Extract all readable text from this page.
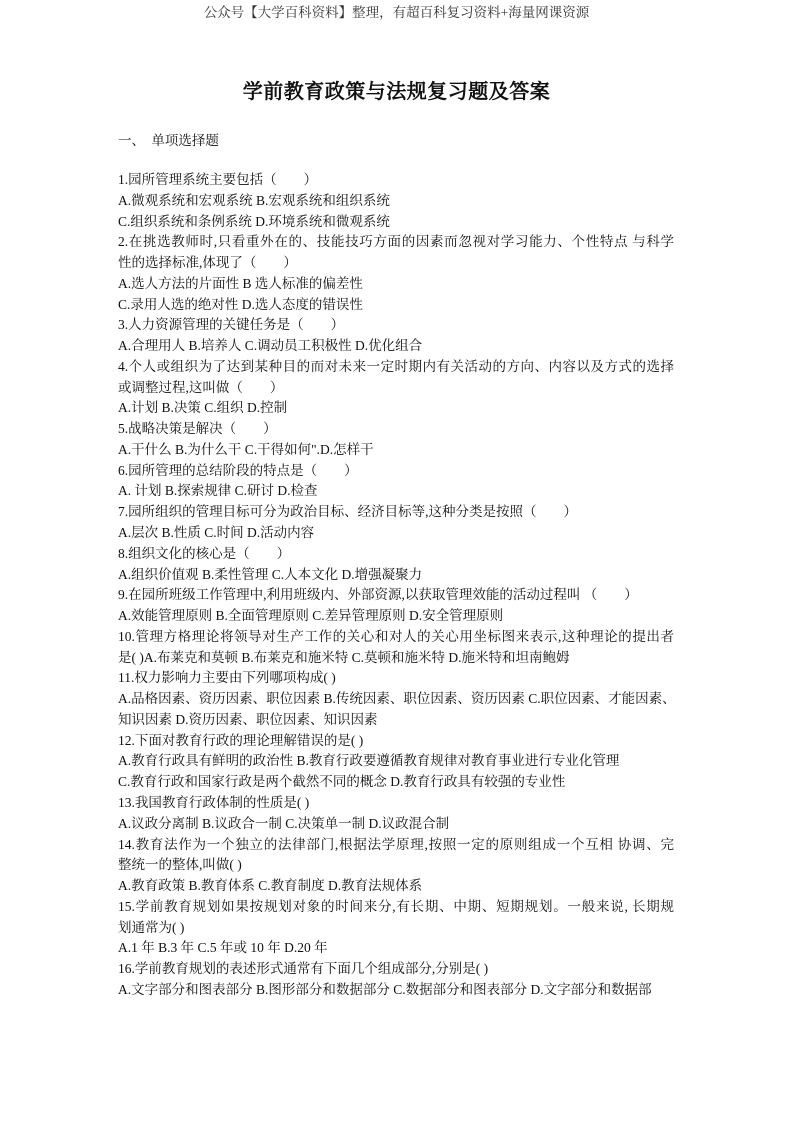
公众号【大学百科资料】整理，有超百科复习资料+海量网课资源
学前教育政策与法规复习题及答案
一、 单项选择题
1.园所管理系统主要包括（　　）
A.微观系统和宏观系统 B.宏观系统和组织系统
C.组织系统和条例系统 D.环境系统和微观系统
2.在挑选教师时,只看重外在的、技能技巧方面的因素而忽视对学习能力、个性特点 与科学
性的选择标准,体现了（　　）
A.选人方法的片面性 B 选人标准的偏差性
C.录用人选的绝对性 D.选人态度的错误性
3.人力资源管理的关键任务是（　　）
A.合理用人 B.培养人 C.调动员工积极性 D.优化组合
4.个人或组织为了达到某种目的而对未来一定时期内有关活动的方向、内容以及方式的选择
或调整过程,这叫做（　　）
A.计划 B.决策 C.组织 D.控制
5.战略决策是解决（　　）
A.干什么 B.为什么干 C.干得如何".D.怎样干
6.园所管理的总结阶段的特点是（　　）
A. 计划 B.探索规律 C.研讨 D.检查
7.园所组织的管理目标可分为政治目标、经济目标等,这种分类是按照（　　）
A.层次 B.性质 C.时间 D.活动内容
8.组织文化的核心是（　　）
A.组织价值观 B.柔性管理 C.人本文化 D.增强凝聚力
9.在园所班级工作管理中,利用班级内、外部资源,以获取管理效能的活动过程叫 （　　）
A.效能管理原则 B.全面管理原则 C.差异管理原则 D.安全管理原则
10.管理方格理论将领导对生产工作的关心和对人的关心用坐标图来表示,这种理论的提出者
是( )A.布莱克和莫顿 B.布莱克和施米特 C.莫顿和施米特 D.施米特和坦南鲍姆
11.权力影响力主要由下列哪项构成( )
A.品格因素、资历因素、职位因素 B.传统因素、职位因素、资历因素 C.职位因素、才能因素、
知识因素 D.资历因素、职位因素、知识因素
12.下面对教育行政的理论理解错误的是( )
A.教育行政具有鲜明的政治性 B.教育行政要遵循教育规律对教育事业进行专业化管理
C.教育行政和国家行政是两个截然不同的概念 D.教育行政具有较强的专业性
13.我国教育行政体制的性质是( )
A.议政分离制 B.议政合一制 C.决策单一制 D.议政混合制
14.教育法作为一个独立的法律部门,根据法学原理,按照一定的原则组成一个互相 协调、完
整统一的整体,叫做( )
A.教育政策 B.教育体系 C.教育制度 D.教育法规体系
15.学前教育规划如果按规划对象的时间来分,有长期、中期、短期规划。一般来说, 长期规
划通常为( )
A.1 年 B.3 年 C.5 年或 10 年 D.20 年
16.学前教育规划的表述形式通常有下面几个组成部分,分别是( )
A.文字部分和图表部分 B.图形部分和数据部分 C.数据部分和图表部分 D.文字部分和数据部
